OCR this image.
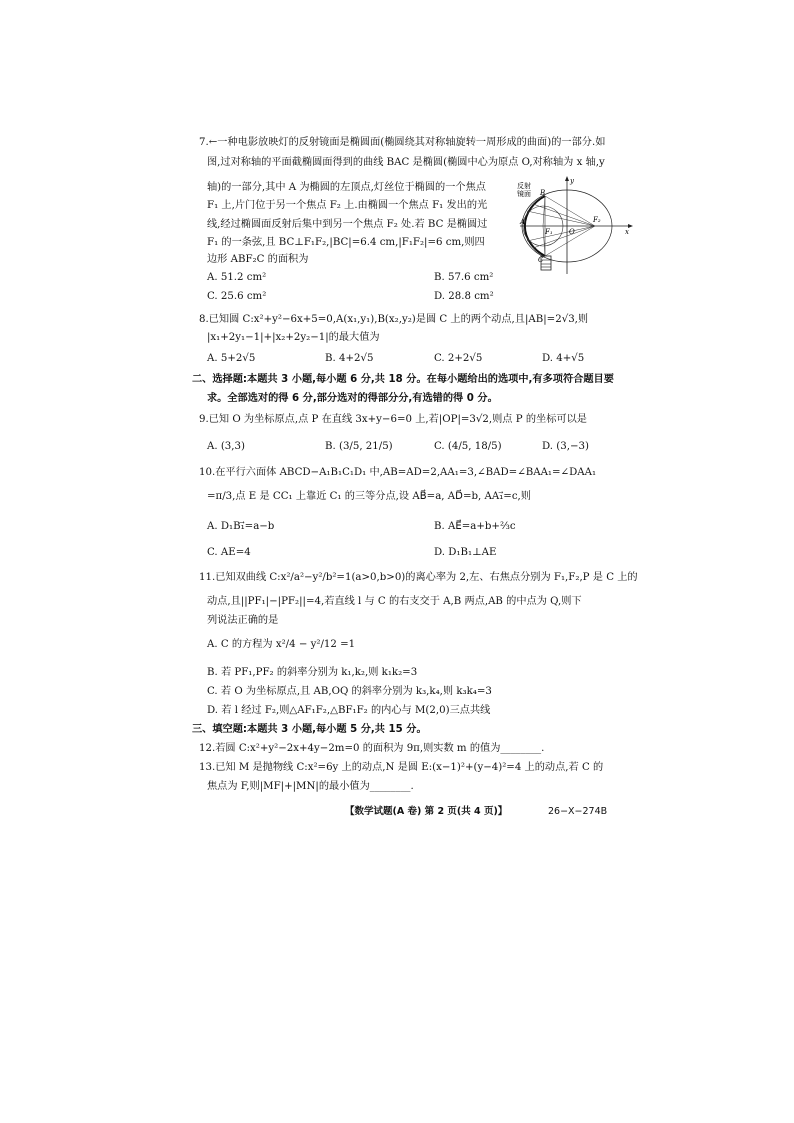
7.←一种电影放映灯的反射镜面是椭圆面(椭圆绕其对称轴旋转一周形成的曲面)的一部分.如
图,过对称轴的平面截椭圆面得到的曲线 BAC 是椭圆(椭圆中心为原点 O,对称轴为 x 轴,y
轴)的一部分,其中 A 为椭圆的左顶点,灯丝位于椭圆的一个焦点
F₁ 上,片门位于另一个焦点 F₂ 上.由椭圆一个焦点 F₁ 发出的光
线,经过椭圆面反射后集中到另一个焦点 F₂ 处.若 BC 是椭圆过
F₁ 的一条弦,且 BC⊥F₁F₂,|BC|=6.4 cm,|F₁F₂|=6 cm,则四
边形 ABF₂C 的面积为
A. 51.2 cm²	B. 57.6 cm²
C. 25.6 cm²	D. 28.8 cm²
反射镜面 B
A
F₁ O
F₂
C
x
y
8.已知圆 C:x²+y²−6x+5=0,A(x₁,y₁),B(x₂,y₂)是圆 C 上的两个动点,且|AB|=2√3,则
|x₁+2y₁−1|+|x₂+2y₂−1|的最大值为
A. 5+2√5	B. 4+2√5	C. 2+2√5	D. 4+√5
二、选择题:本题共 3 小题,每小题 6 分,共 18 分。在每小题给出的选项中,有多项符合题目要
求。全部选对的得 6 分,部分选对的得部分分,有选错的得 0 分。
9.已知 O 为坐标原点,点 P 在直线 3x+y−6=0 上,若|OP|=3√2,则点 P 的坐标可以是
A. (3,3)	B. (3/5, 21/5)	C. (4/5, 18/5)	D. (3,−3)
10.在平行六面体 ABCD−A₁B₁C₁D₁ 中,AB=AD=2,AA₁=3,∠BAD=∠BAA₁=∠DAA₁
=π/3,点 E 是 CC₁ 上靠近 C₁ 的三等分点,设 AB⃗=a, AD⃗=b, AA₁⃗=c,则
A. D₁B₁⃗=a−b	B. AE⃗=a+b+⅔c
C. AE=4	D. D₁B₁⊥AE
11.已知双曲线 C:x²/a²−y²/b²=1(a>0,b>0)的离心率为 2,左、右焦点分别为 F₁,F₂,P 是 C 上的
动点,且||PF₁|−|PF₂||=4,若直线 l 与 C 的右支交于 A,B 两点,AB 的中点为 Q,则下
列说法正确的是
A. C 的方程为 x²/4 − y²/12 =1
B. 若 PF₁,PF₂ 的斜率分别为 k₁,k₂,则 k₁k₂=3
C. 若 O 为坐标原点,且 AB,OQ 的斜率分别为 k₃,k₄,则 k₃k₄=3
D. 若 l 经过 F₂,则△AF₁F₂,△BF₁F₂ 的内心与 M(2,0)三点共线
三、填空题:本题共 3 小题,每小题 5 分,共 15 分。
12.若圆 C:x²+y²−2x+4y−2m=0 的面积为 9π,则实数 m 的值为________.
13.已知 M 是抛物线 C:x²=6y 上的动点,N 是圆 E:(x−1)²+(y−4)²=4 上的动点,若 C 的
焦点为 F,则|MF|+|MN|的最小值为________.
【数学试题(A 卷) 第 2 页(共 4 页)】	26−X−274B
